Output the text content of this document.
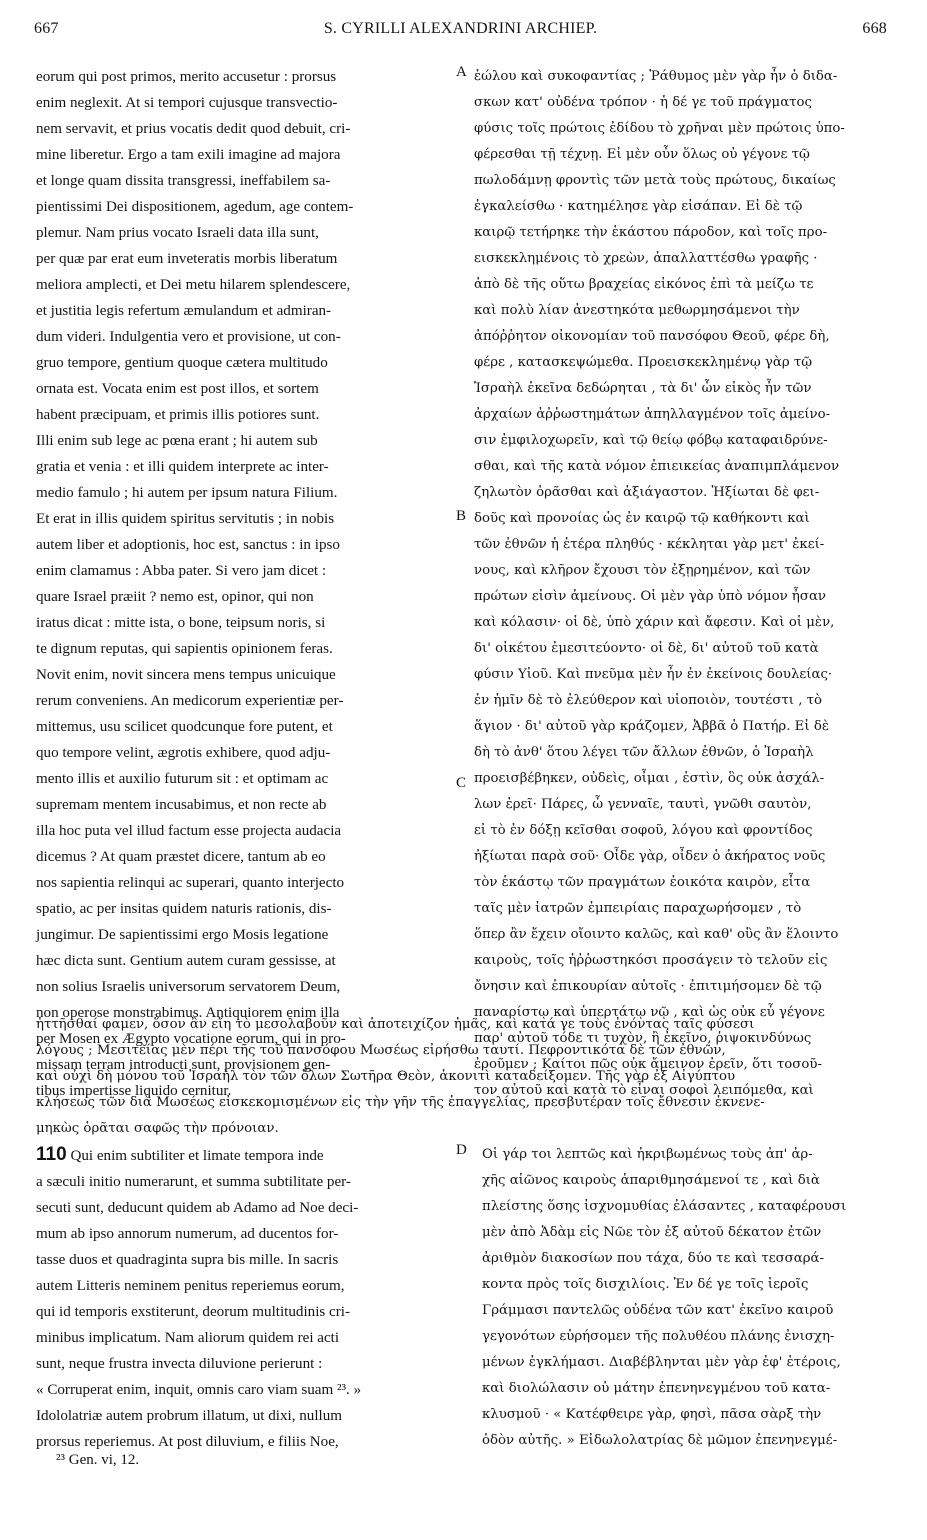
667	S. CYRILLI ALEXANDRINI ARCHIEP.	668
eorum qui post primos, merito accusetur : prorsus
enim neglexit. At si tempori cujusque transvectio-
nem servavit, et prius vocatis dedit quod debuit, cri-
mine liberetur. Ergo a tam exili imagine ad majora
et longe quam dissita transgressi, ineffabilem sa-
pientissimi Dei dispositionem, agedum, age contem-
plemur. Nam prius vocato Israeli data illa sunt,
per quæ par erat eum inveteratis morbis liberatum
meliora amplecti, et Dei metu hilarem splendescere,
et justitia legis refertum æmulandum et admiran-
dum videri. Indulgentia vero et provisione, ut con-
gruo tempore, gentium quoque cætera multitudo
ornata est. Vocata enim est post illos, et sortem
habent præcipuam, et primis illis potiores sunt.
Illi enim sub lege ac pœna erant ; hi autem sub
gratia et venia : et illi quidem interprete ac inter-
medio famulo ; hi autem per ipsum natura Filium.
Et erat in illis quidem spiritus servitutis ; in nobis
autem liber et adoptionis, hoc est, sanctus : in ipso
enim clamamus : Abba pater. Si vero jam dicet :
quare Israel præiit ? nemo est, opinor, qui non
iratus dicat : mitte ista, o bone, teipsum noris, si
te dignum reputas, qui sapientis opinionem feras.
Novit enim, novit sincera mens tempus unicuique
rerum conveniens. An medicorum experientiæ per-
mittemus, usu scilicet quodcunque fore putent, et
quo tempore velint, ægrotis exhibere, quod adju-
mento illis et auxilio futurum sit : et optimam ac
supremam mentem incusabimus, et non recte ab
illa hoc puta vel illud factum esse projecta audacia
dicemus ? At quam præstet dicere, tantum ab eo
nos sapientia relinqui ac superari, quanto interjecto
spatio, ac per insitas quidem naturis rationis, dis-
jungimur. De sapientissimi ergo Mosis legatione
hæc dicta sunt. Gentium autem curam gessisse, at
non solius Israelis universorum servatorem Deum,
non operose monstrabimus. Antiquiorem enim illa
per Mosen ex Ægypto vocatione eorum, qui in pro-
missam terram introducti sunt, provisionem gen-
tibus impertisse liquido cernitur.
ἑώλου καὶ συκοφαντίας ; Ῥάθυμος μὲν γὰρ ἦν ὁ διδα-
σκων κατ' οὐδένα τρόπον · ἡ δέ γε τοῦ πράγματος
φύσις τοῖς πρώτοις ἐδίδου τὸ χρῆναι μὲν πρώτοις ὑπο-
φέρεσθαι τῇ τέχνῃ. Εἰ μὲν οὖν ὅλως οὐ γέγονε τῷ
πωλοδάμνῃ φροντὶς τῶν μετὰ τοὺς πρώτους, δικαίως
ἐγκαλείσθω · κατημέλησε γὰρ εἰσάπαν. Εἰ δὲ τῷ
καιρῷ τετήρηκε τὴν ἑκάστου πάροδον, καὶ τοῖς προ-
εισκεκλημένοις τὸ χρεὼν, ἀπαλλαττέσθω γραφῆς ·
ἀπὸ δὲ τῆς οὕτω βραχείας εἰκόνος ἐπὶ τὰ μείζω τε
καὶ πολὺ λίαν ἀνεστηκότα μεθωρμησάμενοι τὴν
ἀπόῤῥητον οἰκονομίαν τοῦ πανσόφου Θεοῦ, φέρε δὴ,
φέρε , κατασκεψώμεθα. Προεισκεκλημένῳ γὰρ τῷ
Ἰσραὴλ ἐκεῖνα δεδώρηται , τὰ δι' ὧν εἰκὸς ἦν τῶν
ἀρχαίων ἀῤῥωστημάτων ἀπηλλαγμένον τοῖς ἀμείνο-
σιν ἐμφιλοχωρεῖν, καὶ τῷ θείῳ φόβῳ καταφαιδρύνε-
σθαι, καὶ τῆς κατὰ νόμον ἐπιεικείας ἀναπιμπλάμενον
ζηλωτὸν ὁρᾶσθαι καὶ ἀξιάγαστον. Ἠξίωται δὲ φει-
δοῦς καὶ προνοίας ὡς ἐν καιρῷ τῷ καθήκοντι καὶ
τῶν ἐθνῶν ἡ ἑτέρα πληθύς · κέκληται γὰρ μετ' ἐκεί-
νους, καὶ κλῆρον ἔχουσι τὸν ἐξῃρημένον, καὶ τῶν
πρώτων εἰσὶν ἀμείνους. Οἱ μὲν γὰρ ὑπὸ νόμον ἦσαν
καὶ κόλασιν· οἱ δὲ, ὑπὸ χάριν καὶ ἄφεσιν. Καὶ οἱ μὲν,
δι' οἰκέτου ἐμεσιτεύοντο· οἱ δὲ, δι' αὐτοῦ τοῦ κατὰ
φύσιν Υἱοῦ. Καὶ πνεῦμα μὲν ἦν ἐν ἐκείνοις δουλείας·
ἐν ἡμῖν δὲ τὸ ἐλεύθερον καὶ υἱοποιὸν, τουτέστι , τὸ
ἅγιον · δι' αὐτοῦ γὰρ κράζομεν, Ἀββᾶ ὁ Πατήρ. Εἰ δὲ
δὴ τὸ ἀνθ' ὅτου λέγει τῶν ἄλλων ἐθνῶν, ὁ Ἰσραὴλ
προεισβέβηκεν, οὐδεὶς, οἶμαι , ἐστὶν, ὃς οὐκ ἀσχάλ-
λων ἐρεῖ· Πάρες, ὦ γενναῖε, ταυτὶ, γνῶθι σαυτὸν,
εἰ τὸ ἐν δόξῃ κεῖσθαι σοφοῦ, λόγου καὶ φροντίδος
ἠξίωται παρὰ σοῦ· Οἶδε γὰρ, οἶδεν ὁ ἀκήρατος νοῦς
τὸν ἑκάστῳ τῶν πραγμάτων ἐοικότα καιρὸν, εἶτα
ταῖς μὲν ἰατρῶν ἐμπειρίαις παραχωρήσομεν , τὸ
ὅπερ ἂν ἔχειν οἴοιντο καλῶς, καὶ καθ' οὓς ἂν ἕλοιντο
καιροὺς, τοῖς ἠῤῥωστηκόσι προσάγειν τὸ τελοῦν εἰς
ὄνησιν καὶ ἐπικουρίαν αὐτοῖς · ἐπιτιμήσομεν δὲ τῷ
παναρίστῳ καὶ ὑπερτάτῳ νῷ , καὶ ὡς οὐκ εὖ γέγονε
παρ' αὐτοῦ τόδε τι τυχὸν, ἢ ἐκεῖνο, ῥιψοκινδύνως
ἐροῦμεν ; Καίτοι πῶς οὐκ ἄμεινον ἐρεῖν, ὅτι τοσοῦ-
τον αὐτοῦ καὶ κατὰ τὸ εἶναι σοφοὶ λειπόμεθα, καὶ
ἡττῆσθαί φαμεν, ὅσον ἂν εἴη τὸ μεσολαβοῦν καὶ ἀποτειχίζον ἡμᾶς, καὶ κατά γε τοὺς ἐνόντας ταῖς φύσεσι
λόγους ; Μεσιτείας μὲν πέρι τῆς τοῦ πανσόφου Μωσέως εἰρήσθω ταυτί. Πεφροντικότα δὲ τῶν ἐθνῶν,
καὶ οὐχὶ δὴ μόνου τοῦ Ἰσραὴλ τὸν τῶν ὅλων Σωτῆρα Θεὸν, ἀκονιτὶ καταδείξομεν. Τῆς γὰρ ἐξ Αἰγύπτου
κλήσεως τῶν διὰ Μωσέως εἰσκεκομισμένων εἰς τὴν γῆν τῆς ἐπαγγελίας, πρεσβυτέραν τοῖς ἔθνεσιν ἐκνενε-
μηκὼς ὁρᾶται σαφῶς τὴν πρόνοιαν.
110 Qui enim subtiliter et limate tempora inde
a sæculi initio numerarunt, et summa subtilitate per-
secuti sunt, deducunt quidem ab Adamo ad Noe deci-
mum ab ipso annorum numerum, ad ducentos for-
tasse duos et quadraginta supra bis mille. In sacris
autem Litteris neminem penitus reperiemus eorum,
qui id temporis exstiterunt, deorum multitudinis cri-
minibus implicatum. Nam aliorum quidem rei acti
sunt, neque frustra invecta diluvione perierunt :
« Corruperat enim, inquit, omnis caro viam suam ²³. »
Idololatriæ autem probrum illatum, ut dixi, nullum
prorsus reperiemus. At post diluvium, e filiis Noe,
Οἱ γάρ τοι λεπτῶς καὶ ἠκριβωμένως τοὺς ἀπ' ἀρ-
χῆς αἰῶνος καιροὺς ἀπαριθμησάμενοί τε , καὶ διὰ
πλείστης ὅσης ἰσχνομυθίας ἐλάσαντες , καταφέρουσι
μὲν ἀπὸ Ἀδὰμ εἰς Νῶε τὸν ἐξ αὐτοῦ δέκατον ἐτῶν
ἀριθμὸν διακοσίων που τάχα, δύο τε καὶ τεσσαρά-
κοντα πρὸς τοῖς δισχιλίοις. Ἐν δέ γε τοῖς ἱεροῖς
Γράμμασι παντελῶς οὐδένα τῶν κατ' ἐκεῖνο καιροῦ
γεγονότων εὑρήσομεν τῆς πολυθέου πλάνης ἐνισχη-
μένων ἐγκλήμασι. Διαβέβληνται μὲν γὰρ ἐφ' ἑτέροις,
καὶ διολώλασιν οὐ μάτην ἐπενηνεγμένου τοῦ κατα-
κλυσμοῦ · « Κατέφθειρε γὰρ, φησὶ, πᾶσα σὰρξ τὴν
ὁδὸν αὐτῆς. » Εἰδωλολατρίας δὲ μῶμον ἐπενηνεγμέ-
A
B
C
D
²³ Gen. vi, 12.
